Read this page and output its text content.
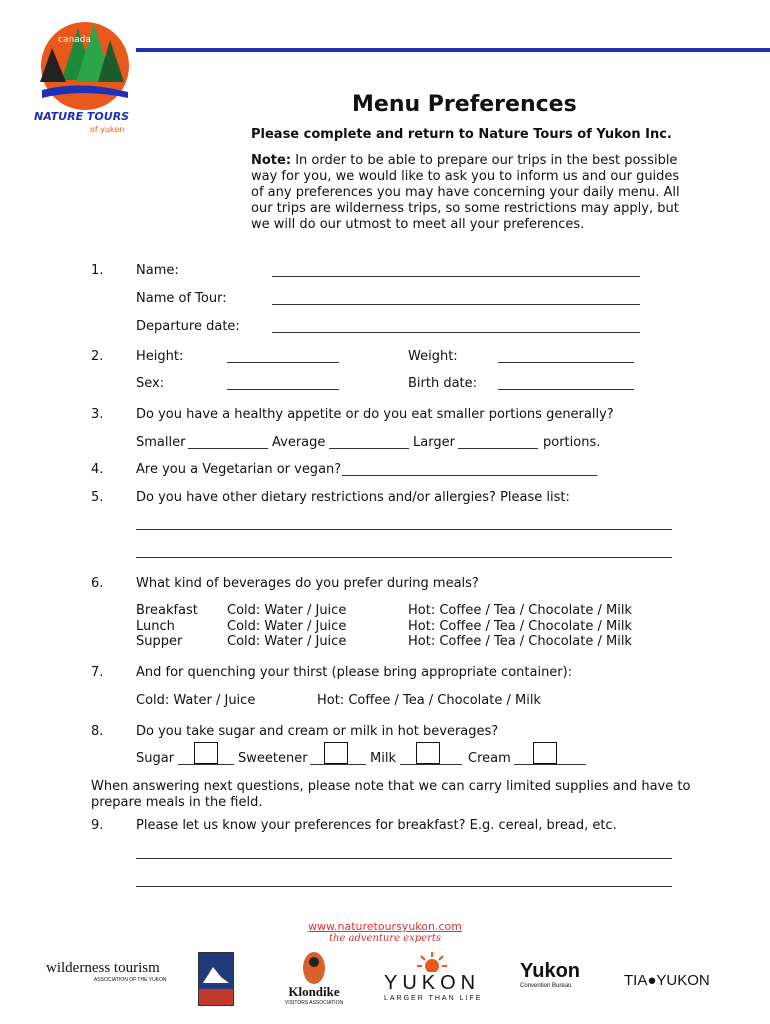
canada
NATURE TOURS
of yukon
Menu Preferences
Please complete and return to Nature Tours of Yukon Inc.
Note: In order to be able to prepare our trips in the best possible way for you, we would like to ask you to inform us and our guides of any preferences you may have concerning your daily menu. All our trips are wilderness trips, so some restrictions may apply, but we will do our utmost to meet all your preferences.
1.	Name:
Name of Tour:
Departure date:
2.	Height:	Weight:
Sex:	Birth date:
3.	Do you have a healthy appetite or do you eat smaller portions generally?
Smaller	Average	Larger	portions.
4.	Are you a Vegetarian or vegan?
5.	Do you have other dietary restrictions and/or allergies? Please list:
6.	What kind of beverages do you prefer during meals?
Breakfast Cold: Water / Juice	Hot: Coffee / Tea / Chocolate / Milk
Lunch	Cold: Water / Juice	Hot: Coffee / Tea / Chocolate / Milk
Supper	Cold: Water / Juice	Hot: Coffee / Tea / Chocolate / Milk
7.	And for quenching your thirst (please bring appropriate container):
Cold: Water / Juice	Hot: Coffee / Tea / Chocolate / Milk
8.	Do you take sugar and cream or milk in hot beverages?
Sugar	Sweetener	Milk	Cream
When answering next questions, please note that we can carry limited supplies and have to prepare meals in the field.
9.	Please let us know your preferences for breakfast? E.g. cereal, bread, etc.
www.naturetoursyukon.com
the adventure experts
wilderness tourism
ASSOCIATION OF THE YUKON
Klondike
VISITORS ASSOCIATION
YUKON
LARGER THAN LIFE
Yukon
Convention Bureau	TIA●YUKON
